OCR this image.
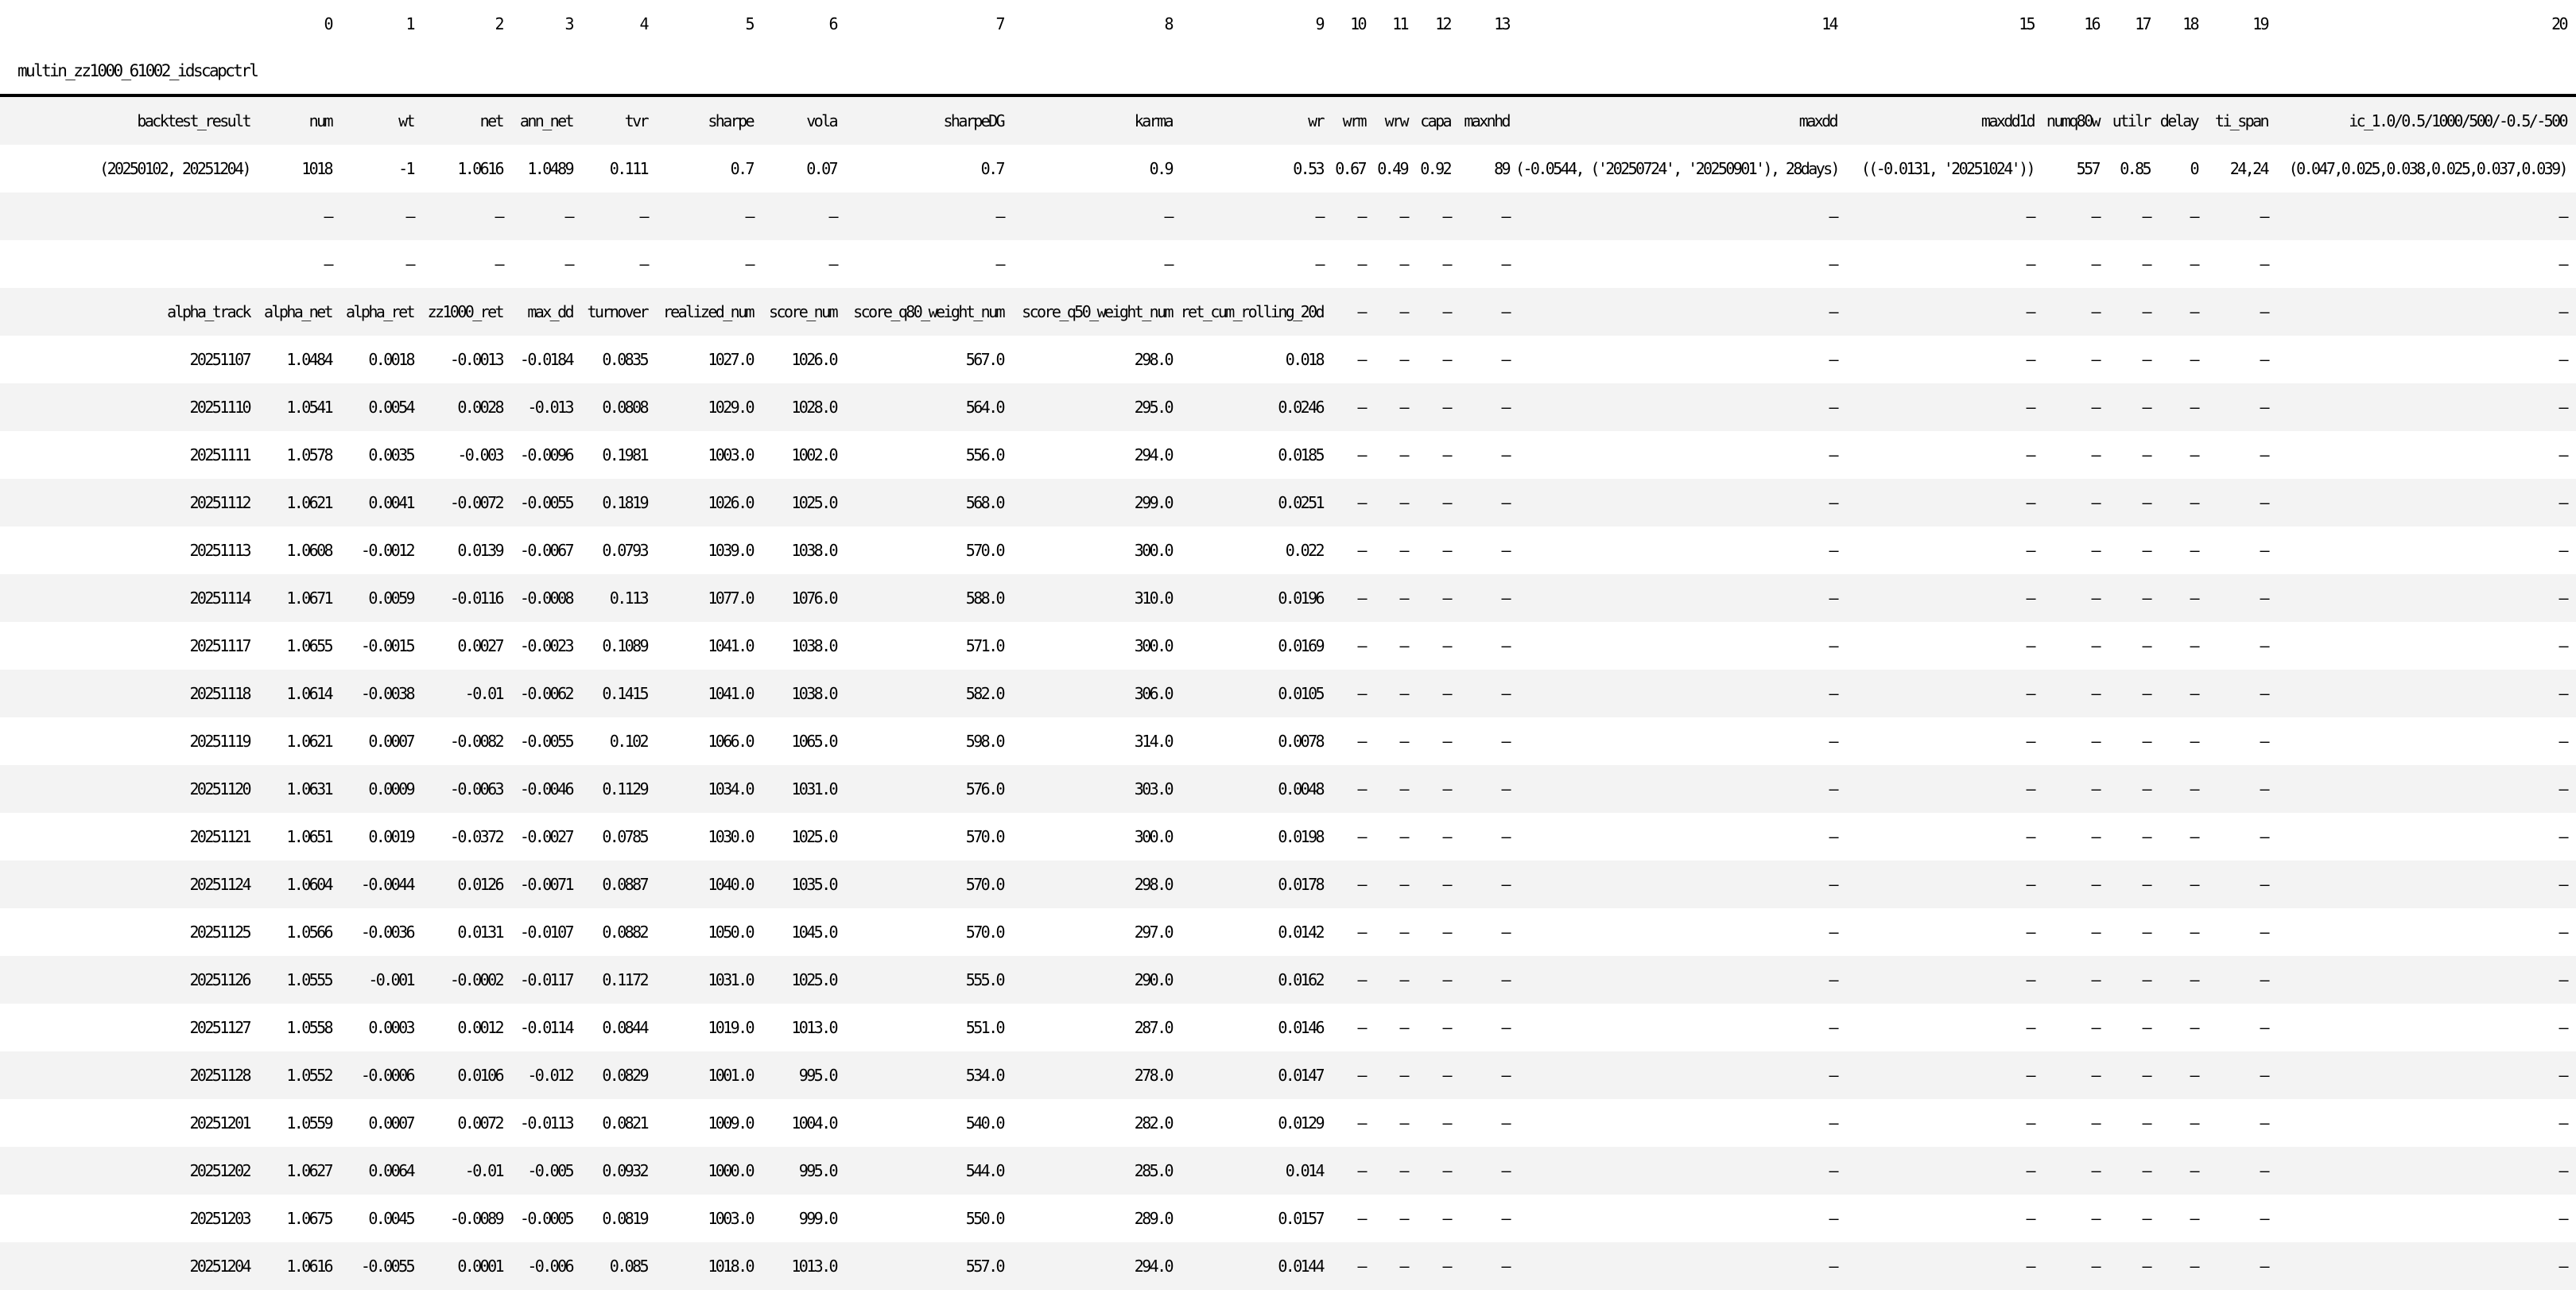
	0	1	2	3	4	5	6	7	8	9	10	11	12	13	14	15	16	17	18	19	20
multin_zz1000_61002_idscapctrl
backtest_result	num	wt	net	ann_net	tvr	sharpe	vola	sharpeDG	karma	wr	wrm	wrw	capa	maxnhd	maxdd	maxdd1d	numq80w	utilr	delay	ti_span	ic_1.0/0.5/1000/500/-0.5/-500
(20250102, 20251204)	1018	-1	1.0616	1.0489	0.111	0.7	0.07	0.7	0.9	0.53	0.67	0.49	0.92	89	(-0.0544, ('20250724', '20250901'), 28days)	((-0.0131, '20251024'))	557	0.85	0	24,24	(0.047,0.025,0.038,0.025,0.037,0.039)
	—	—	—	—	—	—	—	—	—	—	—	—	—	—	—	—	—	—	—	—	—
	—	—	—	—	—	—	—	—	—	—	—	—	—	—	—	—	—	—	—	—	—
alpha_track	alpha_net	alpha_ret	zz1000_ret	max_dd	turnover	realized_num	score_num	score_q80_weight_num	score_q50_weight_num	ret_cum_rolling_20d	—	—	—	—	—	—	—	—	—	—	—
20251107	1.0484	0.0018	-0.0013	-0.0184	0.0835	1027.0	1026.0	567.0	298.0	0.018	—	—	—	—	—	—	—	—	—	—	—
20251110	1.0541	0.0054	0.0028	-0.013	0.0808	1029.0	1028.0	564.0	295.0	0.0246	—	—	—	—	—	—	—	—	—	—	—
20251111	1.0578	0.0035	-0.003	-0.0096	0.1981	1003.0	1002.0	556.0	294.0	0.0185	—	—	—	—	—	—	—	—	—	—	—
20251112	1.0621	0.0041	-0.0072	-0.0055	0.1819	1026.0	1025.0	568.0	299.0	0.0251	—	—	—	—	—	—	—	—	—	—	—
20251113	1.0608	-0.0012	0.0139	-0.0067	0.0793	1039.0	1038.0	570.0	300.0	0.022	—	—	—	—	—	—	—	—	—	—	—
20251114	1.0671	0.0059	-0.0116	-0.0008	0.113	1077.0	1076.0	588.0	310.0	0.0196	—	—	—	—	—	—	—	—	—	—	—
20251117	1.0655	-0.0015	0.0027	-0.0023	0.1089	1041.0	1038.0	571.0	300.0	0.0169	—	—	—	—	—	—	—	—	—	—	—
20251118	1.0614	-0.0038	-0.01	-0.0062	0.1415	1041.0	1038.0	582.0	306.0	0.0105	—	—	—	—	—	—	—	—	—	—	—
20251119	1.0621	0.0007	-0.0082	-0.0055	0.102	1066.0	1065.0	598.0	314.0	0.0078	—	—	—	—	—	—	—	—	—	—	—
20251120	1.0631	0.0009	-0.0063	-0.0046	0.1129	1034.0	1031.0	576.0	303.0	0.0048	—	—	—	—	—	—	—	—	—	—	—
20251121	1.0651	0.0019	-0.0372	-0.0027	0.0785	1030.0	1025.0	570.0	300.0	0.0198	—	—	—	—	—	—	—	—	—	—	—
20251124	1.0604	-0.0044	0.0126	-0.0071	0.0887	1040.0	1035.0	570.0	298.0	0.0178	—	—	—	—	—	—	—	—	—	—	—
20251125	1.0566	-0.0036	0.0131	-0.0107	0.0882	1050.0	1045.0	570.0	297.0	0.0142	—	—	—	—	—	—	—	—	—	—	—
20251126	1.0555	-0.001	-0.0002	-0.0117	0.1172	1031.0	1025.0	555.0	290.0	0.0162	—	—	—	—	—	—	—	—	—	—	—
20251127	1.0558	0.0003	0.0012	-0.0114	0.0844	1019.0	1013.0	551.0	287.0	0.0146	—	—	—	—	—	—	—	—	—	—	—
20251128	1.0552	-0.0006	0.0106	-0.012	0.0829	1001.0	995.0	534.0	278.0	0.0147	—	—	—	—	—	—	—	—	—	—	—
20251201	1.0559	0.0007	0.0072	-0.0113	0.0821	1009.0	1004.0	540.0	282.0	0.0129	—	—	—	—	—	—	—	—	—	—	—
20251202	1.0627	0.0064	-0.01	-0.005	0.0932	1000.0	995.0	544.0	285.0	0.014	—	—	—	—	—	—	—	—	—	—	—
20251203	1.0675	0.0045	-0.0089	-0.0005	0.0819	1003.0	999.0	550.0	289.0	0.0157	—	—	—	—	—	—	—	—	—	—	—
20251204	1.0616	-0.0055	0.0001	-0.006	0.085	1018.0	1013.0	557.0	294.0	0.0144	—	—	—	—	—	—	—	—	—	—	—
